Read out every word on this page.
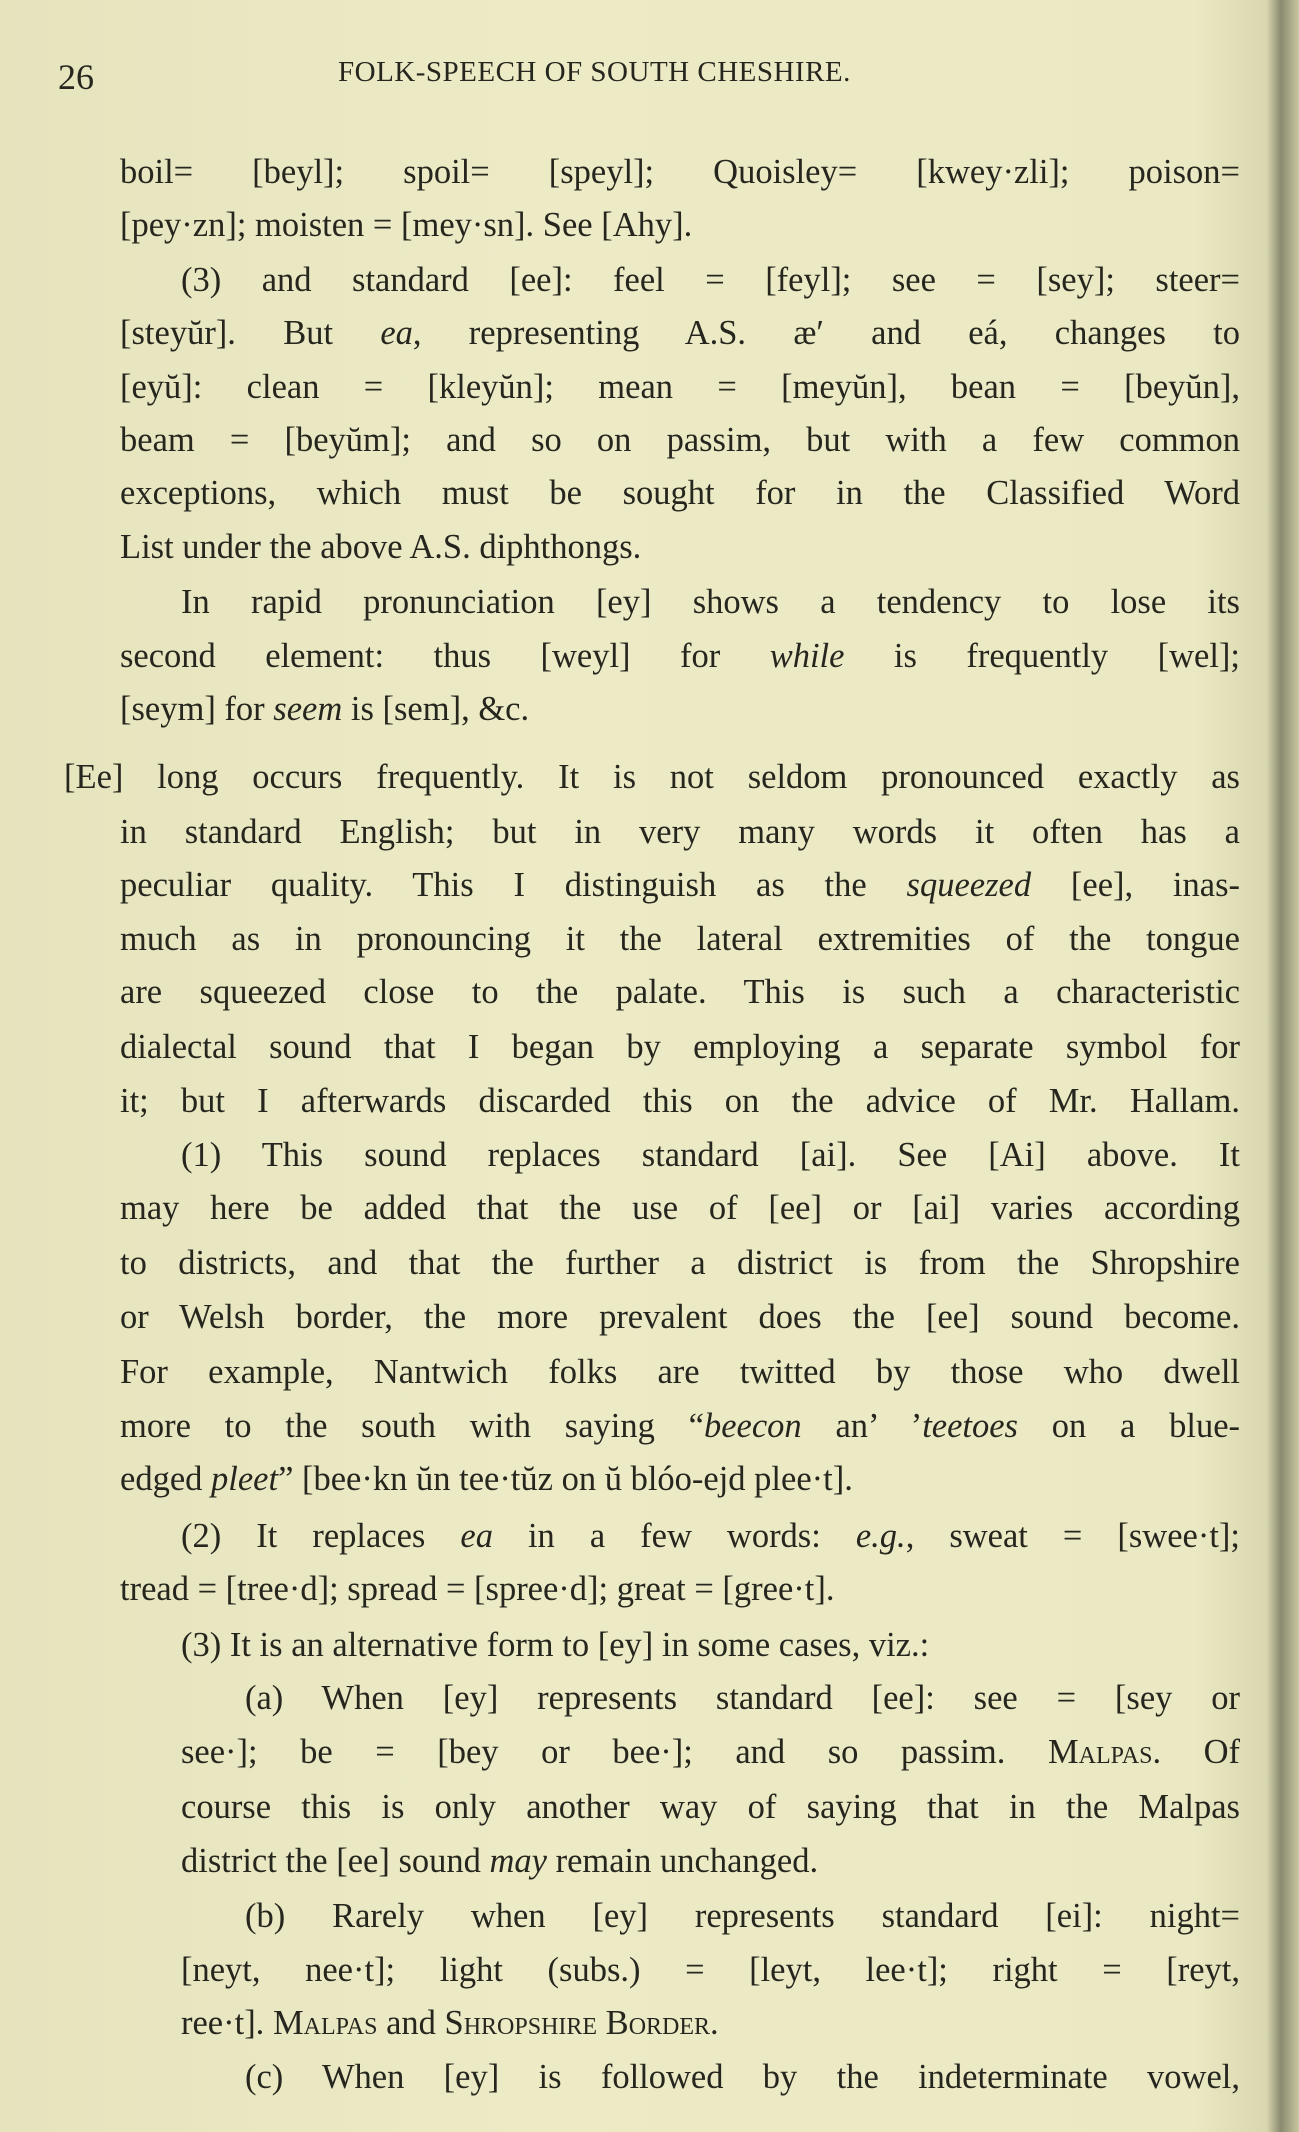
26	FOLK-SPEECH OF SOUTH CHESHIRE.
boil= [beyl]; spoil= [speyl]; Quoisley= [kwey·zli]; poison=
[pey·zn]; moisten = [mey·sn]. See [Ahy].
(3) and standard [ee]: feel = [feyl]; see = [sey]; steer=
[steyŭr]. But ea, representing A.S. æ′ and eá, changes to
[eyŭ]: clean = [kleyŭn]; mean = [meyŭn], bean = [beyŭn],
beam = [beyŭm]; and so on passim, but with a few common
exceptions, which must be sought for in the Classified Word
List under the above A.S. diphthongs.
In rapid pronunciation [ey] shows a tendency to lose its
second element: thus [weyl] for while is frequently [wel];
[seym] for seem is [sem], &c.
[Ee] long occurs frequently. It is not seldom pronounced exactly as
in standard English; but in very many words it often has a
peculiar quality. This I distinguish as the squeezed [ee], inas-
much as in pronouncing it the lateral extremities of the tongue
are squeezed close to the palate. This is such a characteristic
dialectal sound that I began by employing a separate symbol for
it; but I afterwards discarded this on the advice of Mr. Hallam.
(1) This sound replaces standard [ai]. See [Ai] above. It
may here be added that the use of [ee] or [ai] varies according
to districts, and that the further a district is from the Shropshire
or Welsh border, the more prevalent does the [ee] sound become.
For example, Nantwich folks are twitted by those who dwell
more to the south with saying “beecon an’ ’teetoes on a blue-
edged pleet” [bee·kn ŭn tee·tŭz on ŭ blóo-ejd plee·t].
(2) It replaces ea in a few words: e.g., sweat = [swee·t];
tread = [tree·d]; spread = [spree·d]; great = [gree·t].
(3) It is an alternative form to [ey] in some cases, viz.:
(a) When [ey] represents standard [ee]: see = [sey or
see·]; be = [bey or bee·]; and so passim. Malpas. Of
course this is only another way of saying that in the Malpas
district the [ee] sound may remain unchanged.
(b) Rarely when [ey] represents standard [ei]: night=
[neyt, nee·t]; light (subs.) = [leyt, lee·t]; right = [reyt,
ree·t]. Malpas and Shropshire Border.
(c) When [ey] is followed by the indeterminate vowel,
